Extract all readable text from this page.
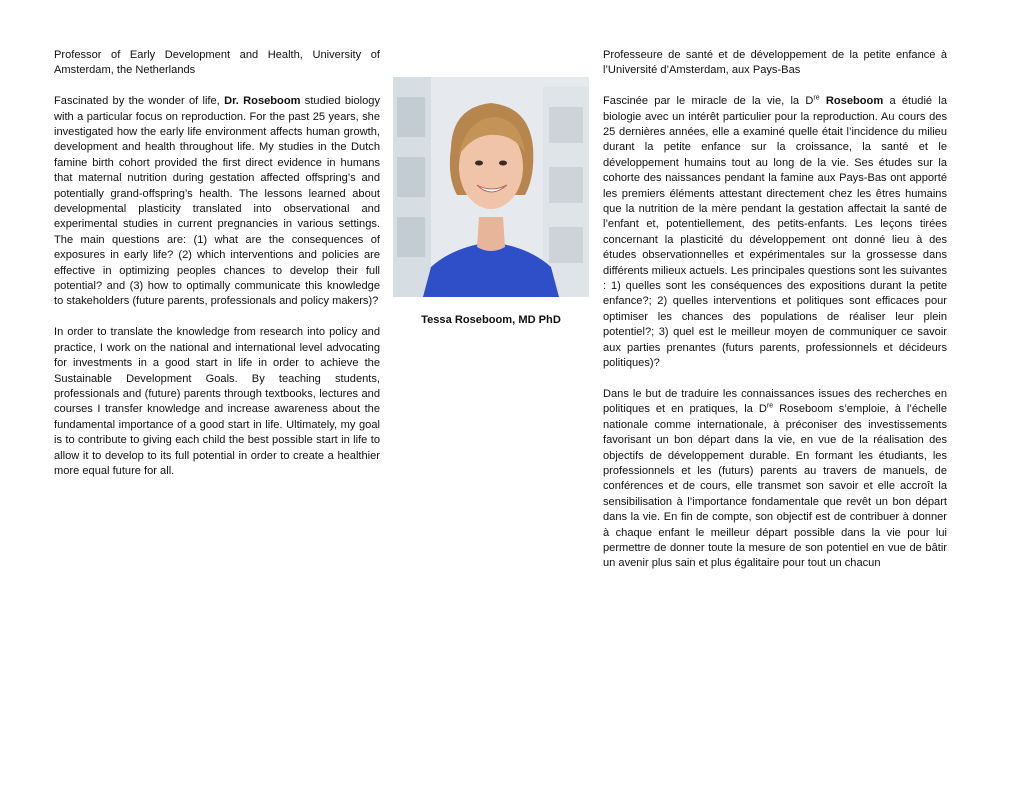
Professor of Early Development and Health, University of Amsterdam, the Netherlands

Fascinated by the wonder of life, Dr. Roseboom studied biology with a particular focus on reproduction. For the past 25 years, she investigated how the early life environment affects human growth, development and health throughout life. My studies in the Dutch famine birth cohort provided the first direct evidence in humans that maternal nutrition during gestation affected offspring’s and potentially grand-offspring’s health. The lessons learned about developmental plasticity translated into observational and experimental studies in current pregnancies in various settings. The main questions are: (1) what are the consequences of exposures in early life? (2) which interventions and policies are effective in optimizing peoples chances to develop their full potential? and (3) how to optimally communicate this knowledge to stakeholders (future parents, professionals and policy makers)?

In order to translate the knowledge from research into policy and practice, I work on the national and international level advocating for investments in a good start in life in order to achieve the Sustainable Development Goals. By teaching students, professionals and (future) parents through textbooks, lectures and courses I transfer knowledge and increase awareness about the fundamental importance of a good start in life. Ultimately, my goal is to contribute to giving each child the best possible start in life to allow it to develop to its full potential in order to create a healthier more equal future for all.

Tessa Roseboom, MD PhD

Professeure de santé et de développement de la petite enfance à l’Université d’Amsterdam, aux Pays-Bas

Fascinée par le miracle de la vie, la Dre Roseboom a étudié la biologie avec un intérêt particulier pour la reproduction. Au cours des 25 dernières années, elle a examiné quelle était l’incidence du milieu durant la petite enfance sur la croissance, la santé et le développement humains tout au long de la vie. Ses études sur la cohorte des naissances pendant la famine aux Pays-Bas ont apporté les premiers éléments attestant directement chez les êtres humains que la nutrition de la mère pendant la gestation affectait la santé de l’enfant et, potentiellement, des petits-enfants. Les leçons tirées concernant la plasticité du développement ont donné lieu à des études observationnelles et expérimentales sur la grossesse dans différents milieux actuels. Les principales questions sont les suivantes : 1) quelles sont les conséquences des expositions durant la petite enfance?; 2) quelles interventions et politiques sont efficaces pour optimiser les chances des populations de réaliser leur plein potentiel?; 3) quel est le meilleur moyen de communiquer ce savoir aux parties prenantes (futurs parents, professionnels et décideurs politiques)?

Dans le but de traduire les connaissances issues des recherches en politiques et en pratiques, la Dre Roseboom s’emploie, à l’échelle nationale comme internationale, à préconiser des investissements favorisant un bon départ dans la vie, en vue de la réalisation des objectifs de développement durable. En formant les étudiants, les professionnels et les (futurs) parents au travers de manuels, de conférences et de cours, elle transmet son savoir et elle accroît la sensibilisation à l’importance fondamentale que revêt un bon départ dans la vie. En fin de compte, son objectif est de contribuer à donner à chaque enfant le meilleur départ possible dans la vie pour lui permettre de donner toute la mesure de son potentiel en vue de bâtir un avenir plus sain et plus égalitaire pour tout un chacun
